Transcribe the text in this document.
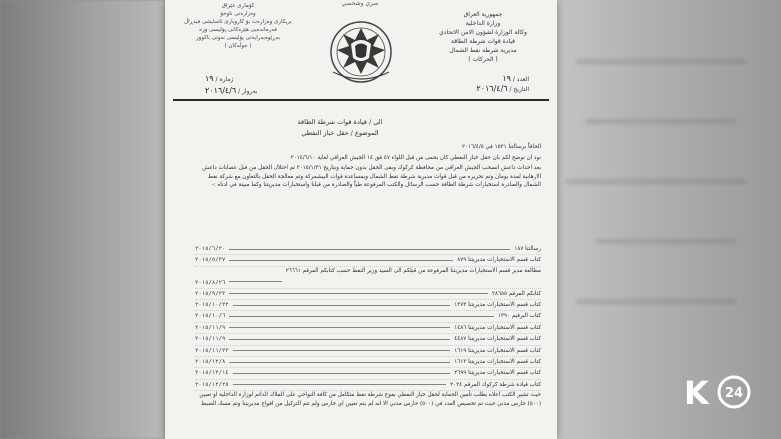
سري وشخصي
جمهورية العراق
وزارة الداخلية
وكالة الوزارة لشؤون الامن الاتحادي
قيادة قوات شرطة الطاقة
مديرية شرطة نفط الشمال
( الحركات )
كۆماری عێراق
وەزارەتی ناوخۆ
بریکاری وەزارەت بۆ کاروباری ئاسایشی فیدڕاڵ
فەرماندەیی هێزەکانی پۆلیسی وزە
بەڕێوەبەرایەتی پۆلیسی نەوتی باکوور
( جوڵەکان )
العدد / ١٩
التاريخ / ٢٠١٦/٤/٦
ژماره / ١٩
بەروار / ٢٠١٦/٤/٦
الى / قيادة قوات شرطة الطاقة
الموضوع / حقل خباز النفطي

الحاقاً برسالتنا ١٥٢١ في ٢٠١٦/٤/٥

نود ان نوضح لكم بان حقل خباز النفطي كان يحمى من قبل اللواء ٤٧ فق ١٤ الجيش العراقي لغاية ٢٠١٤/٦/١٠

بعد احداث داعش انسحب الجيش العراقي من محافظة كركوك وبقى الحقل بدون حماية وبتاريخ ٢٠١٥/١/٣١ تم احتلال الحقل من قبل عصابات داعش الارهابية لمدة يومان وتم تحريره من قبل قوات مديرية شرطة نفط الشمال وبمساعدة قوات البيشمركة وتم معالجة الحقل بالتعاون مع شركة نفط الشمال والصادرة استخبارات شرطة الطاقة حسب الرسائل والكتب المرفوعة طياً والصادرة من قبلنا واستخبارات مديريتنا وكما مبينة في ادناه :-

رسالتنا ١٨٧
٢٠١٥/٦/٢٠
كتاب قسم الاستخبارات مديريتنا ٨٧٩
٢٠١٥/٥/٣٧
مطالعة مدير قسم الاستخبارات مديريتنا المرفوعة من قبلكم الى السيد وزير النفط حسب كتابكم المرقم ٢٦٦٦١
٢٠١٥/٨/٢٦
كتابكم المرقم ٢٨٦٥٥
٢٠١٥/٩/٢٣
كتاب قسم الاستخبارات مديريتنا ١٣٧٣
٢٠١٥/١٠/٢٢
كتاب البرقيم ١٣٩٠
٢٠١٥/١٠/٦
كتاب قسم الاستخبارات مديريتنا ١٤٨٦
٢٠١٥/١١/٩
كتاب قسم الاستخبارات مديريتنا ٤٤٨٧
٢٠١٥/١١/٩
كتاب قسم الاستخبارات مديريتنا ١٦١٩
٢٠١٥/١١/٢٣
كتاب قسم الاستخبارات مديريتنا ١٦١٣
٢٠١٥/١٢/٨
كتاب قسم الاستخبارات مديريتنا ٢٦٩٩
٢٠١٥/١٢/١٤
كتاب قيادة شرطة كركوك المرقم ٢٠٢٤
٢٠١٥/١٢/٢٥

حيث تشير الكتب اعلاه بطلب تأمين الحماية لحقل خباز النفطي بفوج شرطة نفط متكامل من كافة النواحي على الملاك الدائم لوزارة الداخلية او تعيين (٥٠٠) حارس مدني حيث تم تخصيص العدد في (٥٠٠) حارس مدني الا انه لم يتم تعيين اي حارس ولم تتم التركيل من افواج مديريتنا وتم مسك الضبط	K 24
